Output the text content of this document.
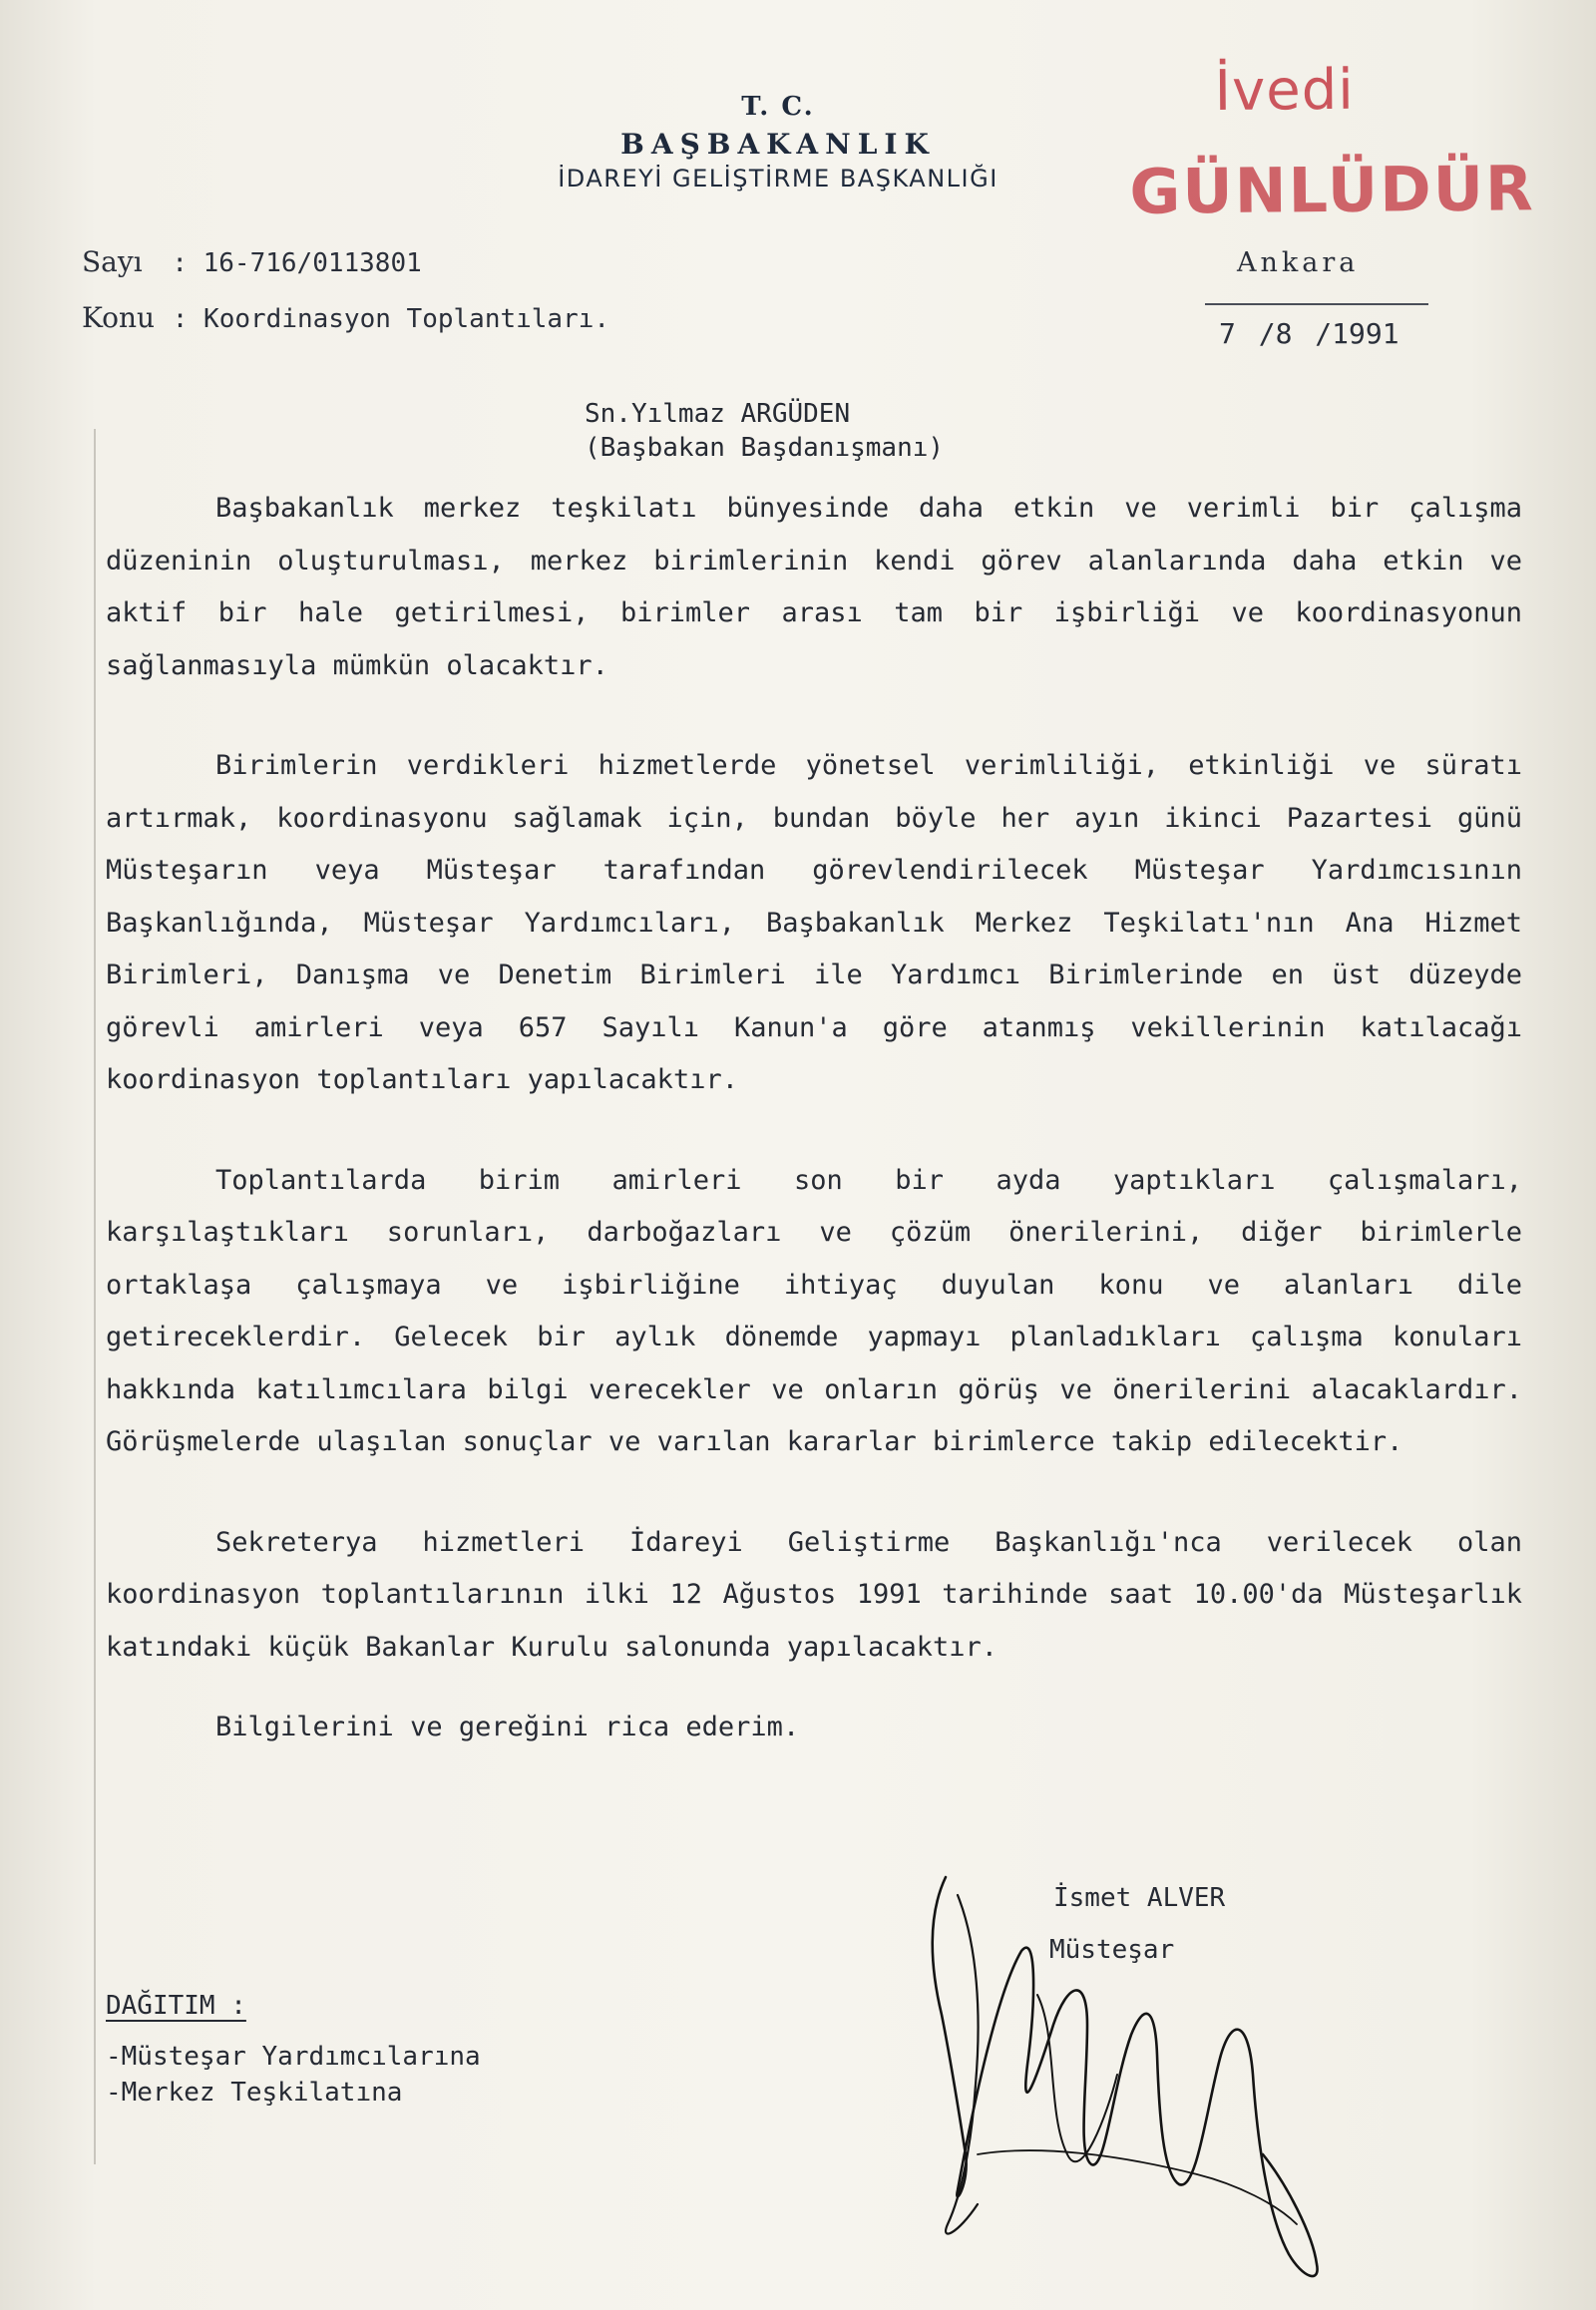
T. C.

BAŞBAKANLIK

İDAREYİ GELİŞTİRME BAŞKANLIĞI

İvedi
GÜNLÜDÜR
Sayı : 16-716/0113801
Konu : Koordinasyon Toplantıları.
Ankara
7 /8 /1991
Sn.Yılmaz ARGÜDEN
(Başbakan Başdanışmanı)

Başbakanlık merkez teşkilatı bünyesinde daha etkin ve verimli bir çalışma düzeninin oluşturulması, merkez birimlerinin kendi görev alanlarında daha etkin ve aktif bir hale getirilmesi, birimler arası tam bir işbirliği ve koordinasyonun sağlanmasıyla mümkün olacaktır.

Birimlerin verdikleri hizmetlerde yönetsel verimliliği, etkinliği ve süratı artırmak, koordinasyonu sağlamak için, bundan böyle her ayın ikinci Pazartesi günü Müsteşarın veya Müsteşar tarafından görevlendirilecek Müsteşar Yardımcısının Başkanlığında, Müsteşar Yardımcıları, Başbakanlık Merkez Teşkilatı'nın Ana Hizmet Birimleri, Danışma ve Denetim Birimleri ile Yardımcı Birimlerinde en üst düzeyde görevli amirleri veya 657 Sayılı Kanun'a göre atanmış vekillerinin katılacağı koordinasyon toplantıları yapılacaktır.

Toplantılarda birim amirleri son bir ayda yaptıkları çalışmaları, karşılaştıkları sorunları, darboğazları ve çözüm önerilerini, diğer birimlerle ortaklaşa çalışmaya ve işbirliğine ihtiyaç duyulan konu ve alanları dile getireceklerdir. Gelecek bir aylık dönemde yapmayı planladıkları çalışma konuları hakkında katılımcılara bilgi verecekler ve onların görüş ve önerilerini alacaklardır. Görüşmelerde ulaşılan sonuçlar ve varılan kararlar birimlerce takip edilecektir.

Sekreterya hizmetleri İdareyi Geliştirme Başkanlığı'nca verilecek olan koordinasyon toplantılarının ilki 12 Ağustos 1991 tarihinde saat 10.00'da Müsteşarlık katındaki küçük Bakanlar Kurulu salonunda yapılacaktır.

Bilgilerini ve gereğini rica ederim.

İsmet ALVER
Müsteşar
DAĞITIM :
-Müsteşar Yardımcılarına
-Merkez Teşkilatına
